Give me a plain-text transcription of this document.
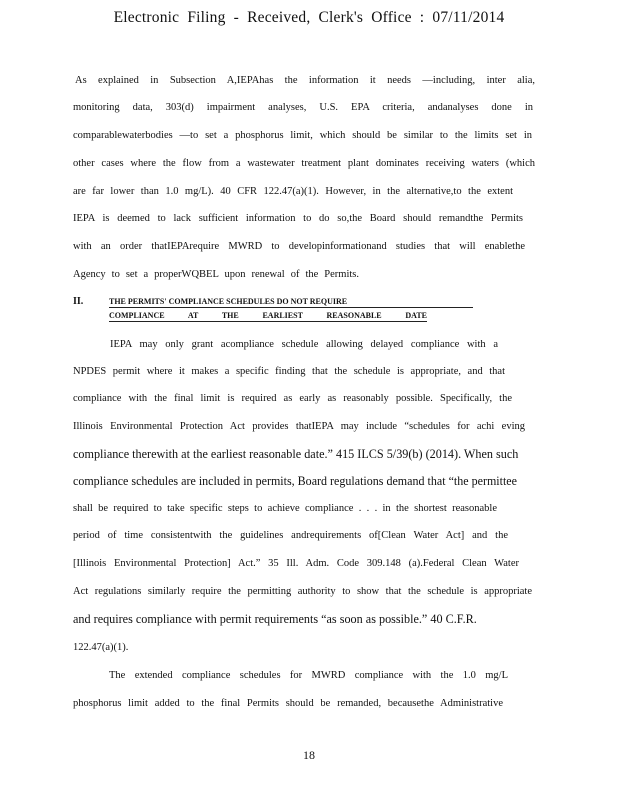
Electronic Filing - Received, Clerk's Office : 07/11/2014
As explained in Subsection A,IEPAhas the information it needs —including, inter alia,
monitoring data, 303(d) impairment analyses, U.S. EPA criteria, andanalyses done in
comparablewaterbodies —to set a phosphorus limit, which should be similar to the limits set in
other cases where the flow from a wastewater treatment plant dominates receiving waters (which
are far lower than 1.0 mg/L). 40 CFR 122.47(a)(1). However, in the alternative,to the extent
IEPA is deemed to lack sufficient information to do so,the Board should remandthe Permits
with an order thatIEPArequire MWRD to developinformationand studies that will enablethe
Agency to set a properWQBEL upon renewal of the Permits.
II.	THE PERMITS' COMPLIANCE SCHEDULES DO NOT REQUIRE
COMPLIANCE AT THE EARLIEST REASONABLE DATE
IEPA may only grant acompliance schedule allowing delayed compliance with a
NPDES permit where it makes a specific finding that the schedule is appropriate, and that
compliance with the final limit is required as early as reasonably possible. Specifically, the
Illinois Environmental Protection Act provides thatIEPA may include “schedules for achi eving
compliance therewith at the earliest reasonable date.” 415 ILCS 5/39(b) (2014). When such
compliance schedules are included in permits, Board regulations demand that “the permittee
shall be required to take specific steps to achieve compliance . . . in the shortest reasonable
period of time consistentwith the guidelines andrequirements of[Clean Water Act] and the
[Illinois Environmental Protection] Act.” 35 Ill. Adm. Code 309.148 (a).Federal Clean Water
Act regulations similarly require the permitting authority to show that the schedule is appropriate
and requires compliance with permit requirements “as soon as possible.” 40 C.F.R.
122.47(a)(1).
The extended compliance schedules for MWRD compliance with the 1.0 mg/L
phosphorus limit added to the final Permits should be remanded, becausethe Administrative
18
